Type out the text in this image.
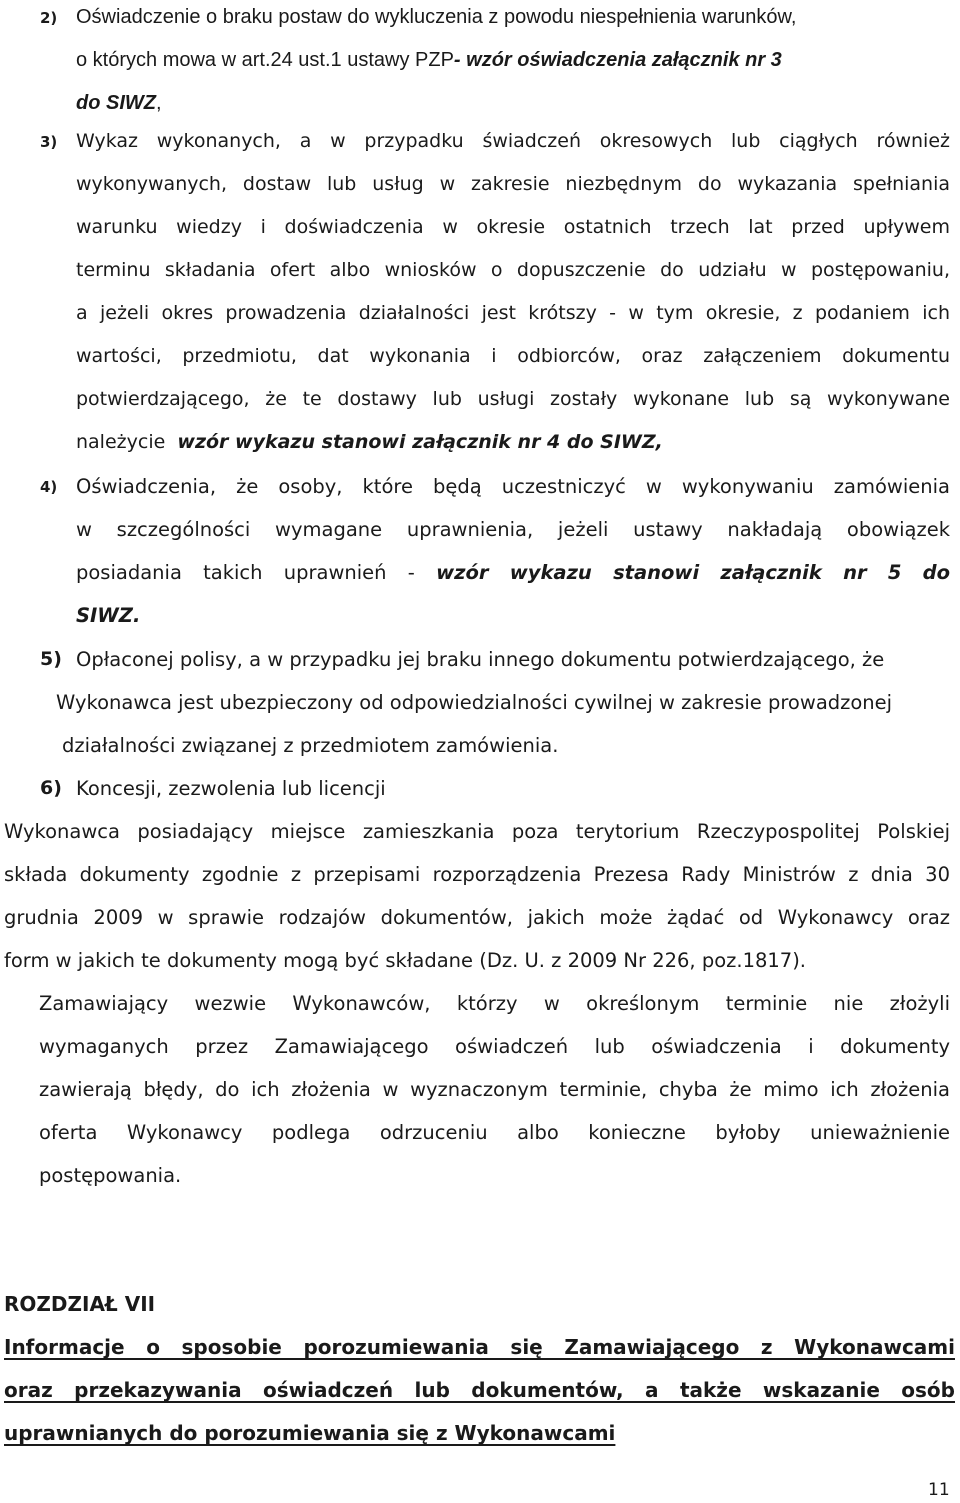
2) Oświadczenie o braku postaw do wykluczenia z powodu niespełnienia warunków,
o których mowa w art.24 ust.1 ustawy PZP- wzór oświadczenia załącznik nr 3
do SIWZ,
3) Wykaz wykonanych, a w przypadku świadczeń okresowych lub ciągłych również
wykonywanych, dostaw lub usług w zakresie niezbędnym do wykazania spełniania
warunku wiedzy i doświadczenia w okresie ostatnich trzech lat przed upływem
terminu składania ofert albo wniosków o dopuszczenie do udziału w postępowaniu,
a jeżeli okres prowadzenia działalności jest krótszy - w tym okresie, z podaniem ich
wartości, przedmiotu, dat wykonania i odbiorców, oraz załączeniem dokumentu
potwierdzającego, że te dostawy lub usługi zostały wykonane lub są wykonywane
należycie wzór wykazu stanowi załącznik nr 4 do SIWZ,
4) Oświadczenia, że osoby, które będą uczestniczyć w wykonywaniu zamówienia
w szczególności wymagane uprawnienia, jeżeli ustawy nakładają obowiązek
posiadania takich uprawnień - wzór wykazu stanowi załącznik nr 5 do
SIWZ.
5) Opłaconej polisy, a w przypadku jej braku innego dokumentu potwierdzającego, że
Wykonawca jest ubezpieczony od odpowiedzialności cywilnej w zakresie prowadzonej
działalności związanej z przedmiotem zamówienia.
6) Koncesji, zezwolenia lub licencji
Wykonawca posiadający miejsce zamieszkania poza terytorium Rzeczypospolitej Polskiej
składa dokumenty zgodnie z przepisami rozporządzenia Prezesa Rady Ministrów z dnia 30
grudnia 2009 w sprawie rodzajów dokumentów, jakich może żądać od Wykonawcy oraz
form w jakich te dokumenty mogą być składane (Dz. U. z 2009 Nr 226, poz.1817).
Zamawiający wezwie Wykonawców, którzy w określonym terminie nie złożyli
wymaganych przez Zamawiającego oświadczeń lub oświadczenia i dokumenty
zawierają błędy, do ich złożenia w wyznaczonym terminie, chyba że mimo ich złożenia
oferta Wykonawcy podlega odrzuceniu albo konieczne byłoby unieważnienie
postępowania.
ROZDZIAŁ VII
Informacje o sposobie porozumiewania się Zamawiającego z Wykonawcami
oraz przekazywania oświadczeń lub dokumentów, a także wskazanie osób
uprawnianych do porozumiewania się z Wykonawcami
11
